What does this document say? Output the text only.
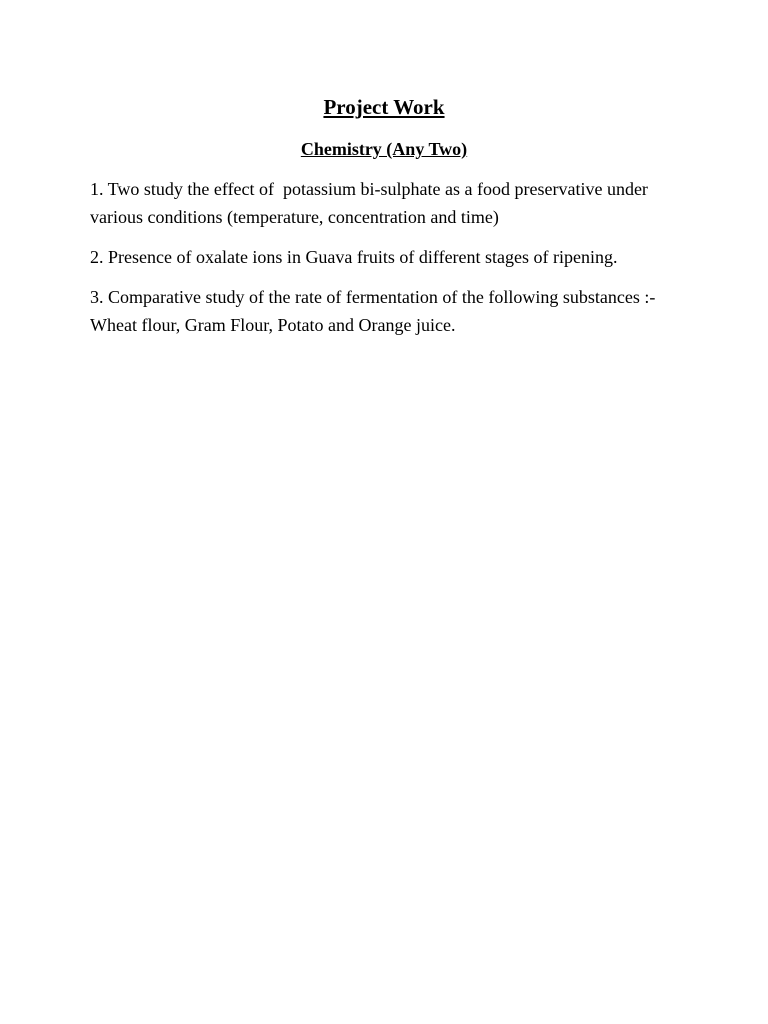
Project Work
Chemistry (Any Two)
1. Two study the effect of  potassium bi-sulphate as a food preservative under various conditions (temperature, concentration and time)
2. Presence of oxalate ions in Guava fruits of different stages of ripening.
3. Comparative study of the rate of fermentation of the following substances :- Wheat flour, Gram Flour, Potato and Orange juice.
